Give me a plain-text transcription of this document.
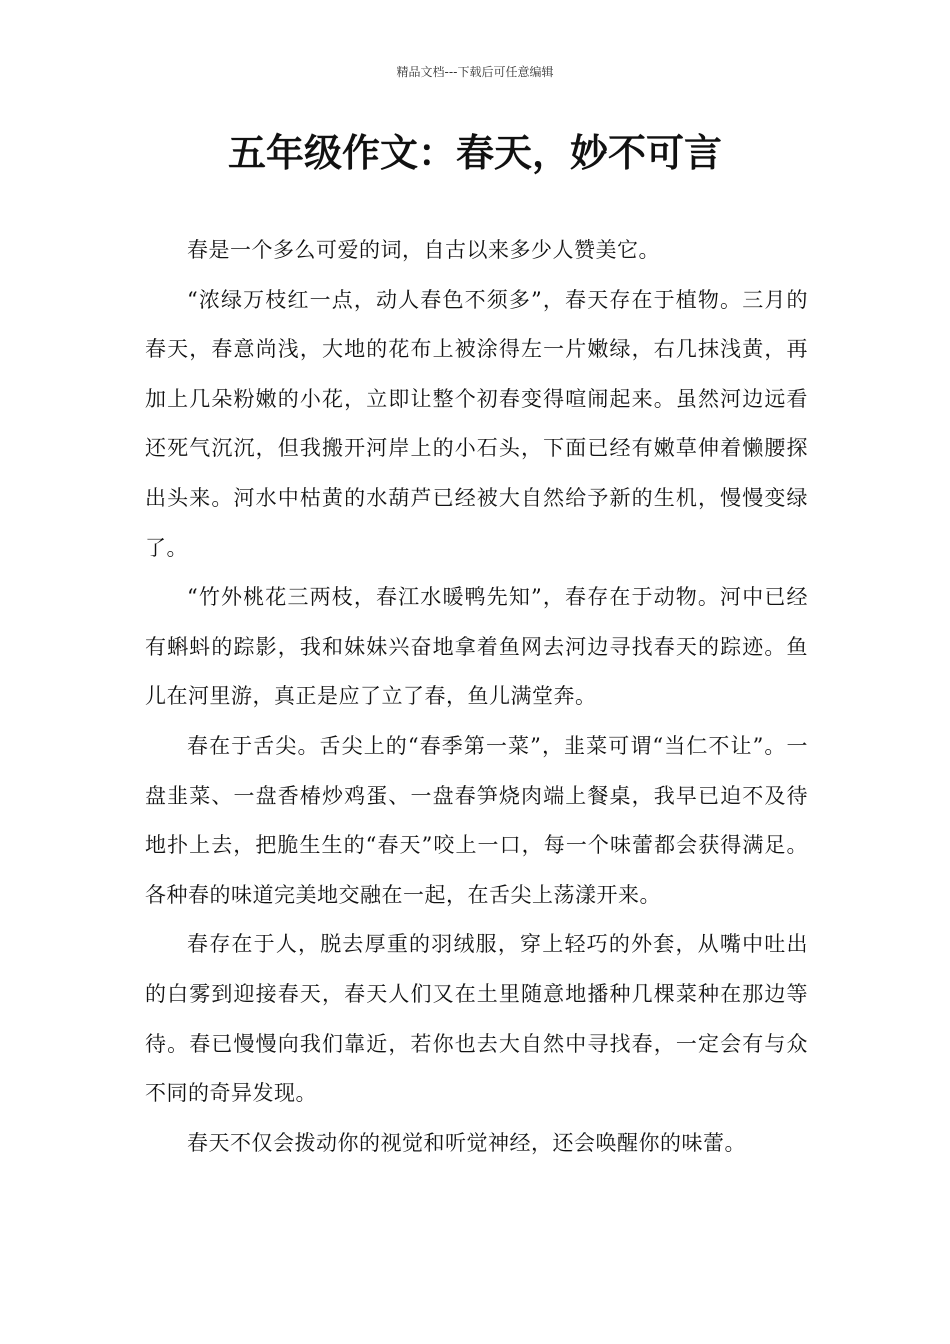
精品文档---下载后可任意编辑
五年级作文：春天，妙不可言

春是一个多么可爱的词，自古以来多少人赞美它。

“浓绿万枝红一点，动人春色不须多”，春天存在于植物。三月的春天，春意尚浅，大地的花布上被涂得左一片嫩绿，右几抹浅黄，再加上几朵粉嫩的小花，立即让整个初春变得喧闹起来。虽然河边远看还死气沉沉，但我搬开河岸上的小石头，下面已经有嫩草伸着懒腰探出头来。河水中枯黄的水葫芦已经被大自然给予新的生机，慢慢变绿了。

“竹外桃花三两枝，春江水暖鸭先知”，春存在于动物。河中已经有蝌蚪的踪影，我和妹妹兴奋地拿着鱼网去河边寻找春天的踪迹。鱼儿在河里游，真正是应了立了春，鱼儿满堂奔。

春在于舌尖。舌尖上的“春季第一菜”，韭菜可谓“当仁不让”。一盘韭菜、一盘香椿炒鸡蛋、一盘春笋烧肉端上餐桌，我早已迫不及待地扑上去，把脆生生的“春天”咬上一口，每一个味蕾都会获得满足。各种春的味道完美地交融在一起，在舌尖上荡漾开来。

春存在于人，脱去厚重的羽绒服，穿上轻巧的外套，从嘴中吐出的白雾到迎接春天，春天人们又在土里随意地播种几棵菜种在那边等待。春已慢慢向我们靠近，若你也去大自然中寻找春，一定会有与众不同的奇异发现。

春天不仅会拨动你的视觉和听觉神经，还会唤醒你的味蕾。
